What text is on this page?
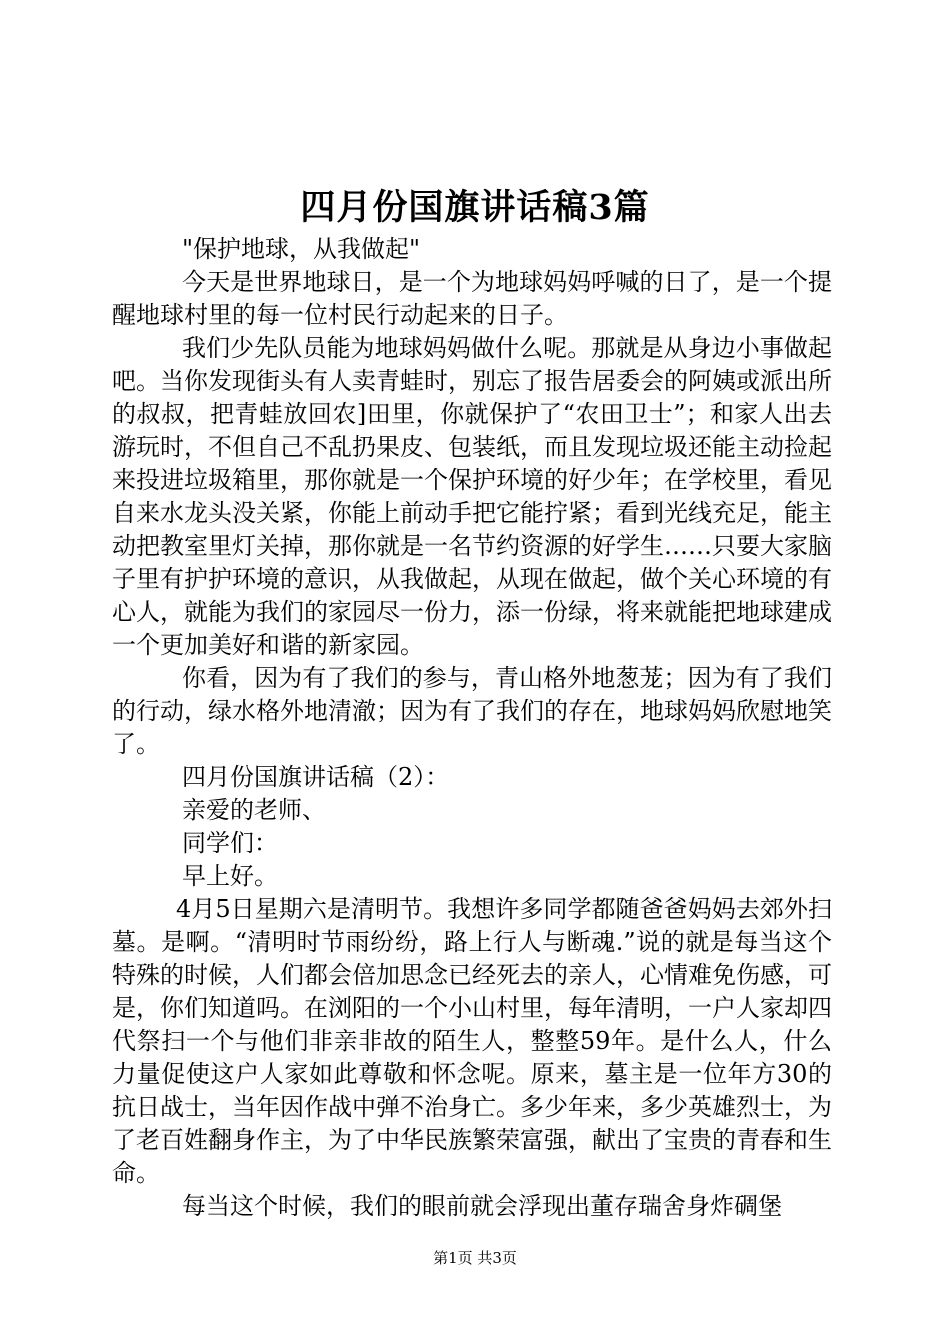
四月份国旗讲话稿3篇

"保护地球，从我做起"

今天是世界地球日，是一个为地球妈妈呼喊的日了，是一个提醒地球村里的每一位村民行动起来的日子。

我们少先队员能为地球妈妈做什么呢。那就是从身边小事做起吧。当你发现街头有人卖青蛙时，别忘了报告居委会的阿姨或派出所的叔叔，把青蛙放回农]田里，你就保护了“农田卫士”；和家人出去游玩时，不但自己不乱扔果皮、包装纸，而且发现垃圾还能主动捡起来投进垃圾箱里，那你就是一个保护环境的好少年；在学校里，看见自来水龙头没关紧，你能上前动手把它能拧紧；看到光线充足，能主动把教室里灯关掉，那你就是一名节约资源的好学生……只要大家脑子里有护护环境的意识，从我做起，从现在做起，做个关心环境的有心人，就能为我们的家园尽一份力，添一份绿，将来就能把地球建成一个更加美好和谐的新家园。

你看，因为有了我们的参与，青山格外地葱茏；因为有了我们的行动，绿水格外地清澈；因为有了我们的存在，地球妈妈欣慰地笑了。

四月份国旗讲话稿（2）：

亲爱的老师、

同学们：

早上好。

4月5日星期六是清明节。我想许多同学都随爸爸妈妈去郊外扫墓。是啊。“清明时节雨纷纷，路上行人与断魂.”说的就是每当这个特殊的时候，人们都会倍加思念已经死去的亲人，心情难免伤感，可是，你们知道吗。在浏阳的一个小山村里，每年清明，一户人家却四代祭扫一个与他们非亲非故的陌生人，整整59年。是什么人，什么力量促使这户人家如此尊敬和怀念呢。原来，墓主是一位年方30的抗日战士，当年因作战中弹不治身亡。多少年来，多少英雄烈士，为了老百姓翻身作主，为了中华民族繁荣富强，献出了宝贵的青春和生命。

每当这个时候，我们的眼前就会浮现出董存瑞舍身炸碉堡

第1页 共3页
